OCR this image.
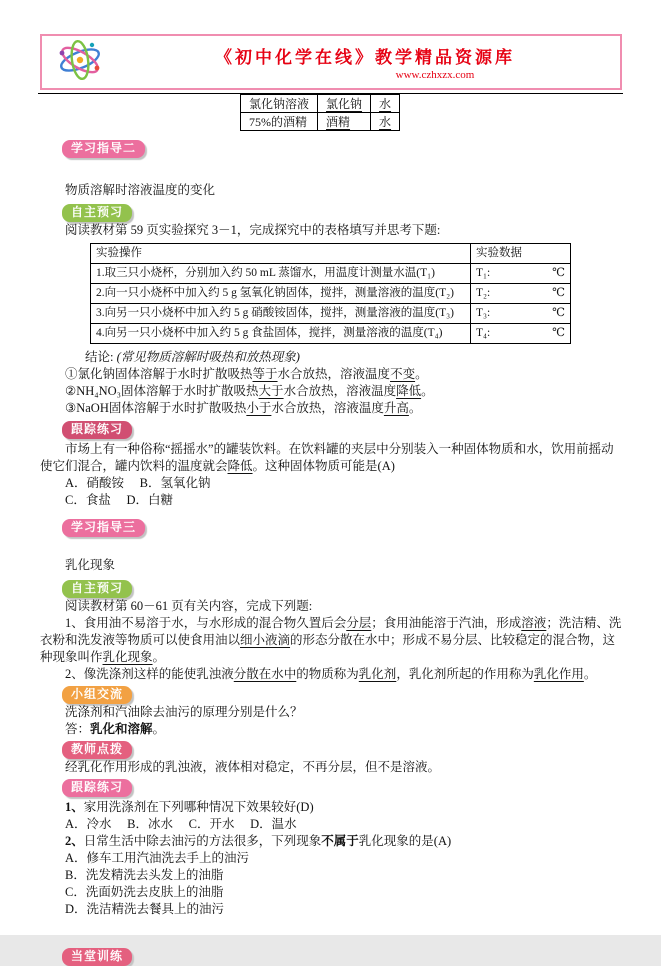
《初中化学在线》教学精品资源库
www.czhxzx.com
氯化钠溶液	氯化钠	水
75%的酒精	酒精	水
学习指导二

物质溶解时溶液温度的变化

自主预习

阅读教材第 59 页实验探究 3－1，完成探究中的表格填写并思考下题:

实验操作	实验数据
1.取三只小烧杯，分别加入约 50 mL 蒸馏水，用温度计测量水温(T₁)	T₁: ℃

2.向一只小烧杯中加入约 5 g 氢氧化钠固体，搅拌，测量溶液的温度(T₂)	T₂: ℃

3.向另一只小烧杯中加入约 5 g 硝酸铵固体，搅拌，测量溶液的温度(T₃)	T₃: ℃

4.向另一只小烧杯中加入约 5 g 食盐固体，搅拌，测量溶液的温度(T₄)	T₄: ℃

结论: (常见物质溶解时吸热和放热现象)

①氯化钠固体溶解于水时扩散吸热等于水合放热，溶液温度不变。

②NH₄NO₃固体溶解于水时扩散吸热大于水合放热，溶液温度降低。

③NaOH固体溶解于水时扩散吸热小于水合放热，溶液温度升高。

跟踪练习

市场上有一种俗称“摇摇水”的罐装饮料。在饮料罐的夹层中分别装入一种固体物质和水，饮用前摇动使它们混合，罐内饮料的温度就会降低。这种固体物质可能是(A)

A．硝酸铵　 B．氢氧化钠

C．食盐　 D．白糖

学习指导三

乳化现象

自主预习

阅读教材第 60－61 页有关内容，完成下列题:

1、食用油不易溶于水，与水形成的混合物久置后会分层；食用油能溶于汽油，形成溶液；洗洁精、洗衣粉和洗发液等物质可以使食用油以细小液滴的形态分散在水中；形成不易分层、比较稳定的混合物，这种现象叫作乳化现象。

2、像洗涤剂这样的能使乳浊液分散在水中的物质称为乳化剂，乳化剂所起的作用称为乳化作用。

小组交流

洗涤剂和汽油除去油污的原理分别是什么？

答：乳化和溶解。

教师点拨

经乳化作用形成的乳浊液，液体相对稳定，不再分层，但不是溶液。

跟踪练习

1、家用洗涤剂在下列哪种情况下效果较好(D)

A．冷水　 B．冰水　 C．开水　 D．温水

2、日常生活中除去油污的方法很多，下列现象不属于乳化现象的是(A)

A．修车工用汽油洗去手上的油污

B．洗发精洗去头发上的油脂

C．洗面奶洗去皮肤上的油脂

D．洗洁精洗去餐具上的油污

当堂训练
